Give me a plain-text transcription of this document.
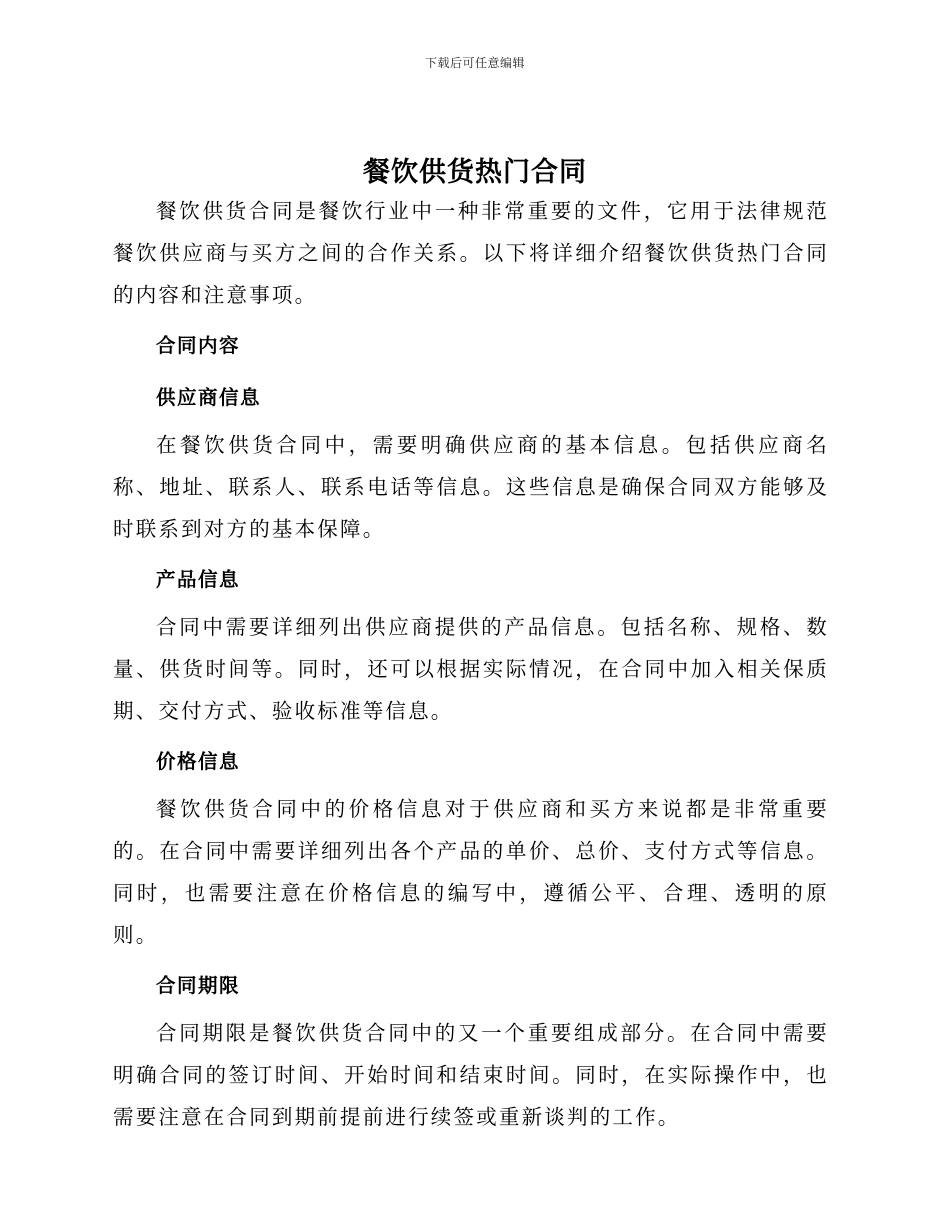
下载后可任意编辑
餐饮供货热门合同

餐饮供货合同是餐饮行业中一种非常重要的文件，它用于法律规范餐饮供应商与买方之间的合作关系。以下将详细介绍餐饮供货热门合同的内容和注意事项。

合同内容
供应商信息

在餐饮供货合同中，需要明确供应商的基本信息。包括供应商名称、地址、联系人、联系电话等信息。这些信息是确保合同双方能够及时联系到对方的基本保障。

产品信息

合同中需要详细列出供应商提供的产品信息。包括名称、规格、数量、供货时间等。同时，还可以根据实际情况，在合同中加入相关保质期、交付方式、验收标准等信息。

价格信息

餐饮供货合同中的价格信息对于供应商和买方来说都是非常重要的。在合同中需要详细列出各个产品的单价、总价、支付方式等信息。同时，也需要注意在价格信息的编写中，遵循公平、合理、透明的原则。

合同期限

合同期限是餐饮供货合同中的又一个重要组成部分。在合同中需要明确合同的签订时间、开始时间和结束时间。同时，在实际操作中，也需要注意在合同到期前提前进行续签或重新谈判的工作。
